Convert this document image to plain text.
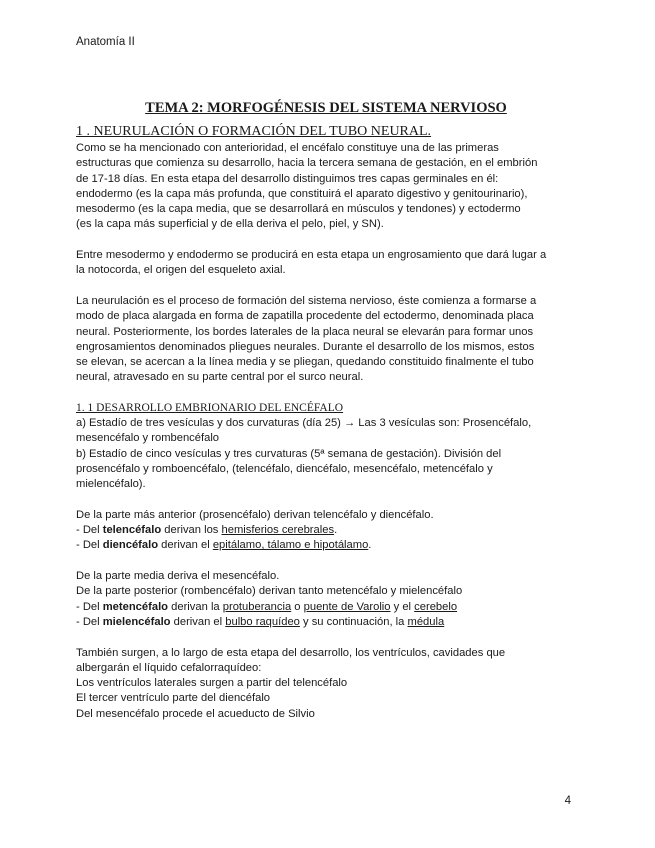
Anatomía II
TEMA 2: MORFOGÉNESIS DEL SISTEMA NERVIOSO
1 . NEURULACIÓN O FORMACIÓN DEL TUBO NEURAL.

Como se ha mencionado con anterioridad, el encéfalo constituye una de las primeras

estructuras que comienza su desarrollo, hacia la tercera semana de gestación, en el embrión

de 17-18 días. En esta etapa del desarrollo distinguimos tres capas germinales en él:

endodermo (es la capa más profunda, que constituirá el aparato digestivo y genitourinario),

mesodermo (es la capa media, que se desarrollará en músculos y tendones) y ectodermo

(es la capa más superficial y de ella deriva el pelo, piel, y SN).

Entre mesodermo y endodermo se producirá en esta etapa un engrosamiento que dará lugar a

la notocorda, el origen del esqueleto axial.

La neurulación es el proceso de formación del sistema nervioso, éste comienza a formarse a

modo de placa alargada en forma de zapatilla procedente del ectodermo, denominada placa

neural. Posteriormente, los bordes laterales de la placa neural se elevarán para formar unos

engrosamientos denominados pliegues neurales. Durante el desarrollo de los mismos, estos

se elevan, se acercan a la línea media y se pliegan, quedando constituido finalmente el tubo

neural, atravesado en su parte central por el surco neural.

1. 1 DESARROLLO EMBRIONARIO DEL ENCÉFALO

a) Estadío de tres vesículas y dos curvaturas (día 25) → Las 3 vesículas son: Prosencéfalo,

mesencéfalo y rombencéfalo

b) Estadío de cinco vesículas y tres curvaturas (5ª semana de gestación). División del

prosencéfalo y romboencéfalo, (telencéfalo, diencéfalo, mesencéfalo, metencéfalo y

mielencéfalo).

De la parte más anterior (prosencéfalo) derivan telencéfalo y diencéfalo.

- Del telencéfalo derivan los hemisferios cerebrales.

- Del diencéfalo derivan el epitálamo, tálamo e hipotálamo.

De la parte media deriva el mesencéfalo.

De la parte posterior (rombencéfalo) derivan tanto metencéfalo y mielencéfalo

- Del metencéfalo derivan la protuberancia o puente de Varolio y el cerebelo

- Del mielencéfalo derivan el bulbo raquídeo y su continuación, la médula

También surgen, a lo largo de esta etapa del desarrollo, los ventrículos, cavidades que

albergarán el líquido cefalorraquídeo:

Los ventrículos laterales surgen a partir del telencéfalo

El tercer ventrículo parte del diencéfalo

Del mesencéfalo procede el acueducto de Silvio

4
